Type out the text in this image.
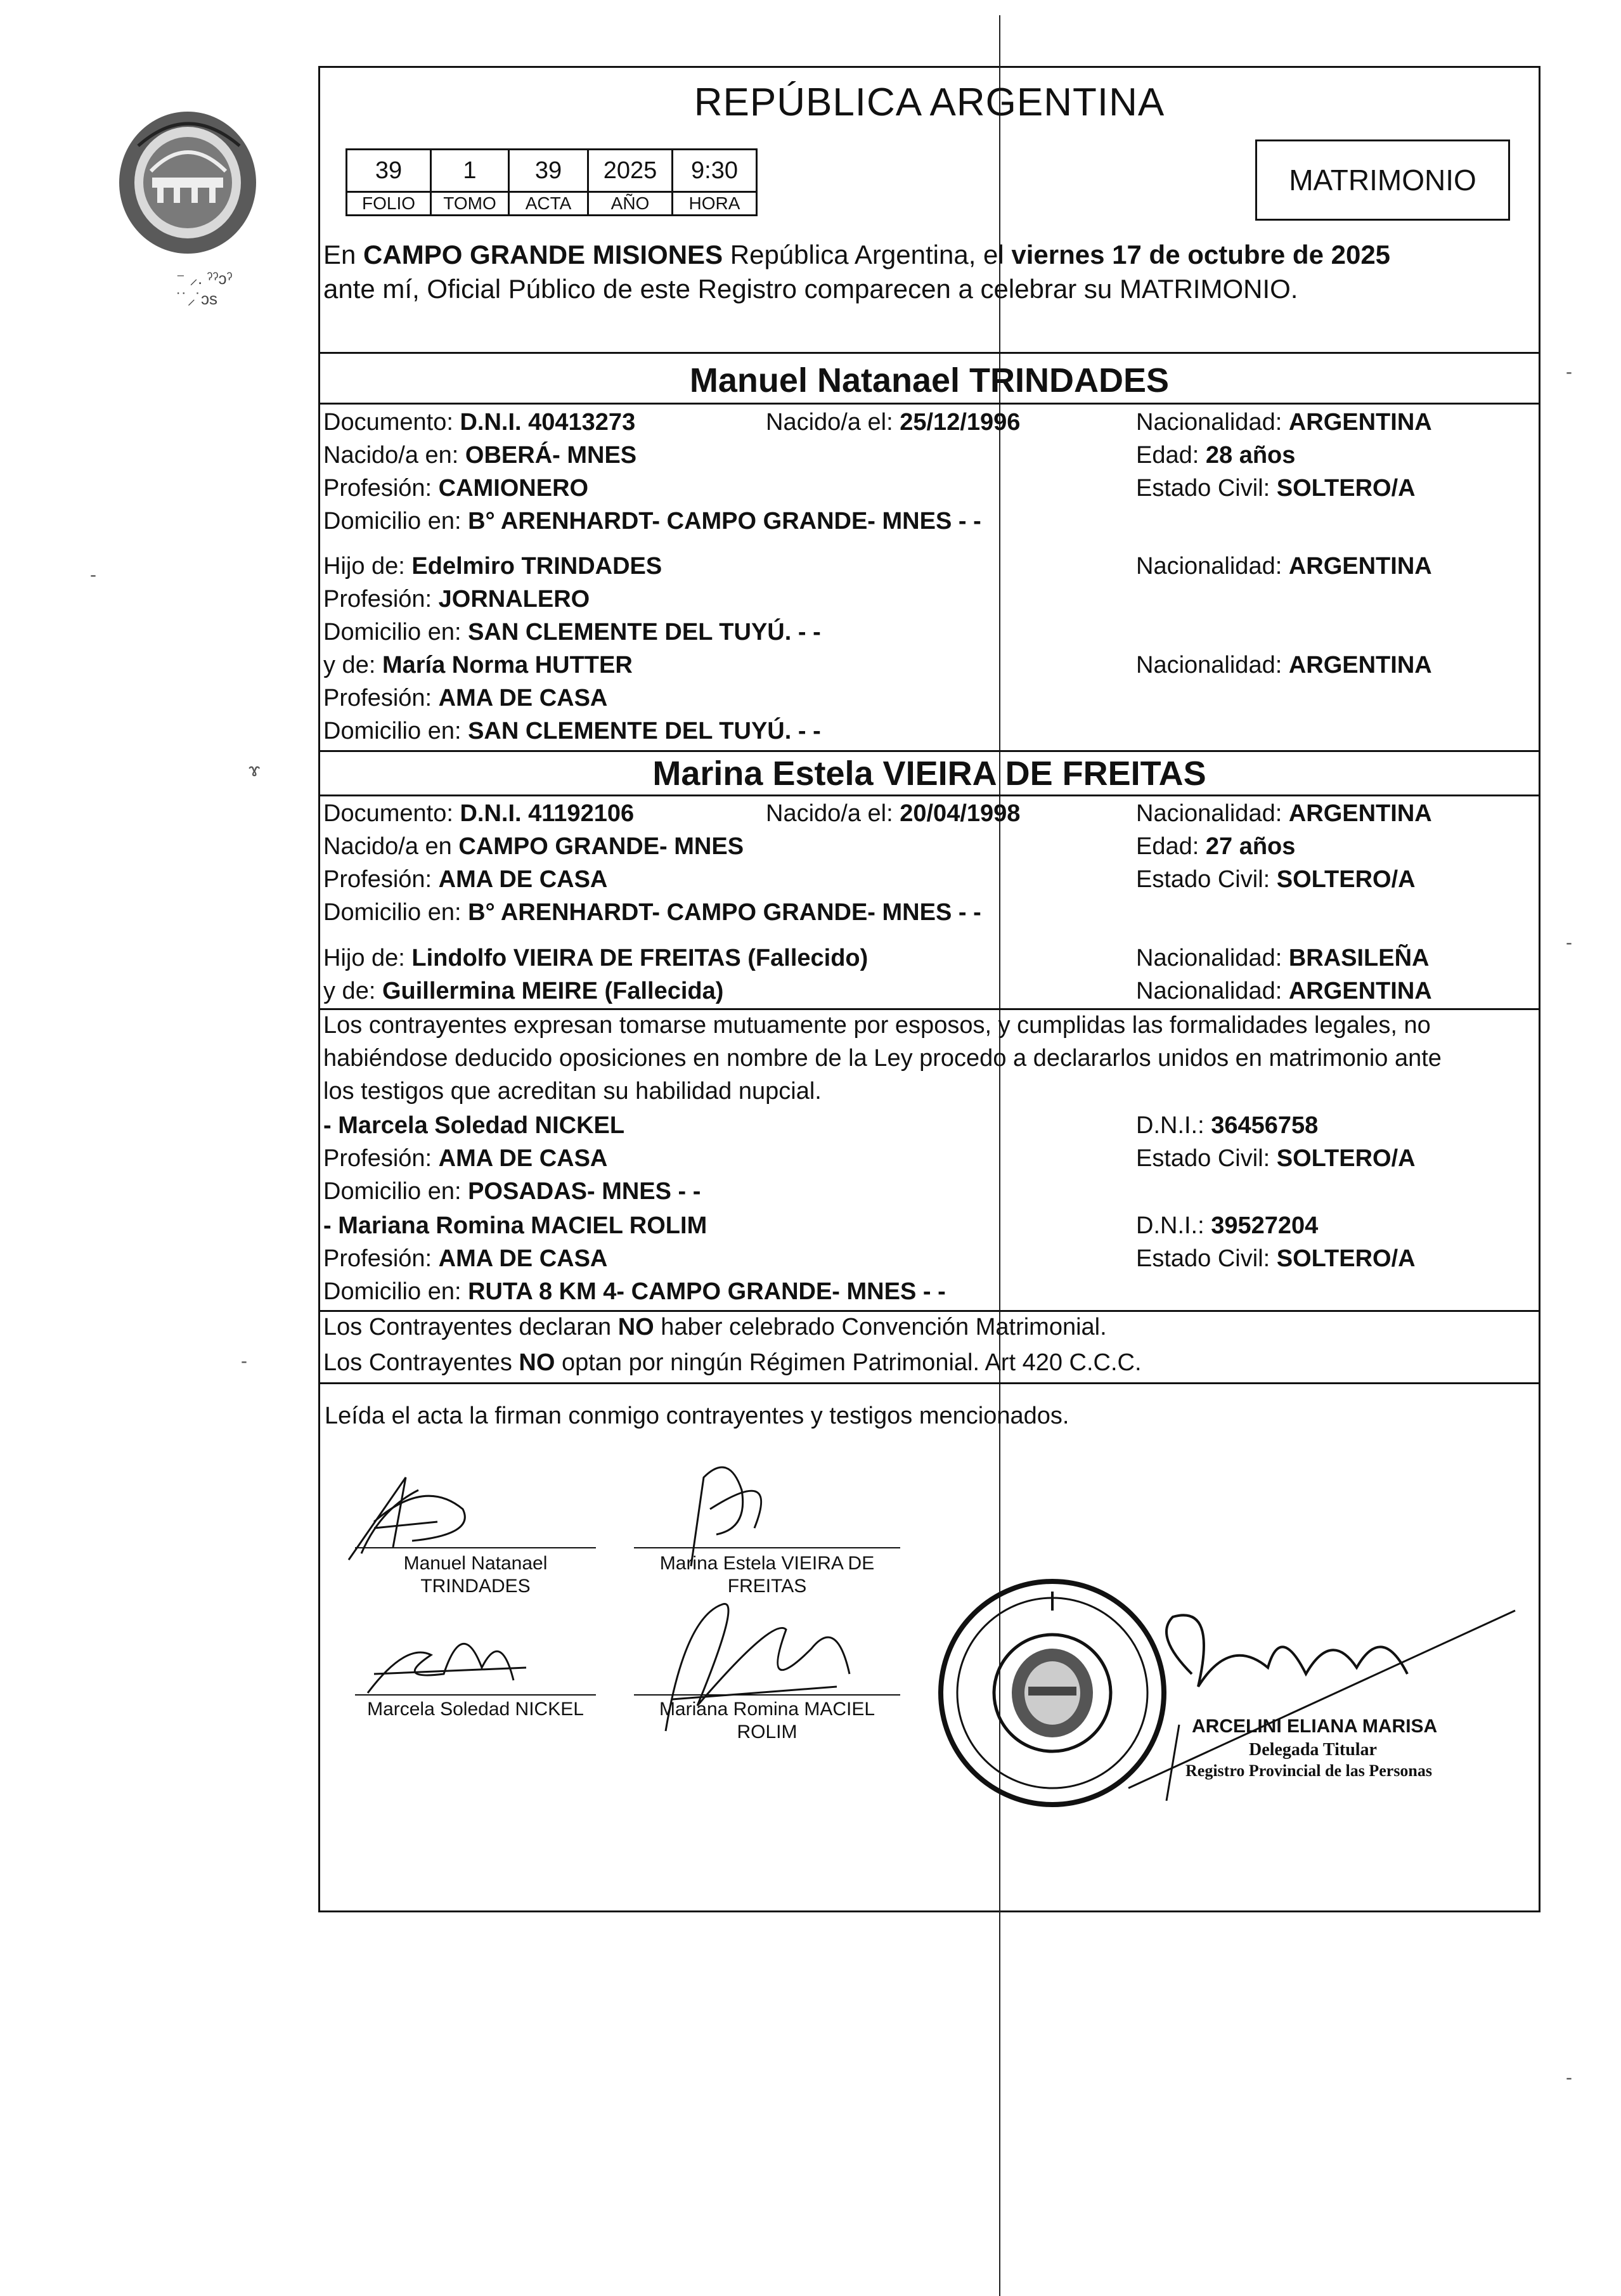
⁻ ⸝. ˀˀɔˀ
˙˙⸝˙ɔs
REPÚBLICA ARGENTINA
39	1	39	2025	9:30
FOLIO	TOMO	ACTA	AÑO	HORA
MATRIMONIO
En CAMPO GRANDE MISIONES República Argentina, el viernes 17 de octubre de 2025
ante mí, Oficial Público de este Registro comparecen a celebrar su MATRIMONIO.
Manuel Natanael TRINDADES
Documento: D.N.I. 40413273	Nacido/a el: 25/12/1996	Nacionalidad: ARGENTINA
Nacido/a en: OBERÁ- MNES	Edad: 28 años
Profesión: CAMIONERO	Estado Civil: SOLTERO/A
Domicilio en: B° ARENHARDT- CAMPO GRANDE- MNES - -
Hijo de: Edelmiro TRINDADES	Nacionalidad: ARGENTINA
Profesión: JORNALERO
Domicilio en: SAN CLEMENTE DEL TUYÚ. - -
y de: María Norma HUTTER	Nacionalidad: ARGENTINA
Profesión: AMA DE CASA
Domicilio en: SAN CLEMENTE DEL TUYÚ. - -
Marina Estela VIEIRA DE FREITAS
Documento: D.N.I. 41192106	Nacido/a el: 20/04/1998	Nacionalidad: ARGENTINA
Nacido/a en CAMPO GRANDE- MNES	Edad: 27 años
Profesión: AMA DE CASA	Estado Civil: SOLTERO/A
Domicilio en: B° ARENHARDT- CAMPO GRANDE- MNES - -
Hijo de: Lindolfo VIEIRA DE FREITAS (Fallecido)	Nacionalidad: BRASILEÑA
y de: Guillermina MEIRE (Fallecida)	Nacionalidad: ARGENTINA
Los contrayentes expresan tomarse mutuamente por esposos, y cumplidas las formalidades legales, no
habiéndose deducido oposiciones en nombre de la Ley procedo a declararlos unidos en matrimonio ante
los testigos que acreditan su habilidad nupcial.
- Marcela Soledad NICKEL	D.N.I.: 36456758
Profesión: AMA DE CASA	Estado Civil: SOLTERO/A
Domicilio en: POSADAS- MNES - -
- Mariana Romina MACIEL ROLIM	D.N.I.: 39527204
Profesión: AMA DE CASA	Estado Civil: SOLTERO/A
Domicilio en: RUTA 8 KM 4- CAMPO GRANDE- MNES - -
Los Contrayentes declaran NO haber celebrado Convención Matrimonial.
Los Contrayentes NO optan por ningún Régimen Patrimonial. Art 420 C.C.C.
Leída el acta la firman conmigo contrayentes y testigos mencionados.
Manuel Natanael
TRINDADES
Marina Estela VIEIRA DE
FREITAS
Marcela Soledad NICKEL	Mariana Romina MACIEL
ROLIM	ARCELINI ELIANA MARISA
Delegada Titular
Registro Provincial de las Personas
-
ɤ
-
-
-
-
